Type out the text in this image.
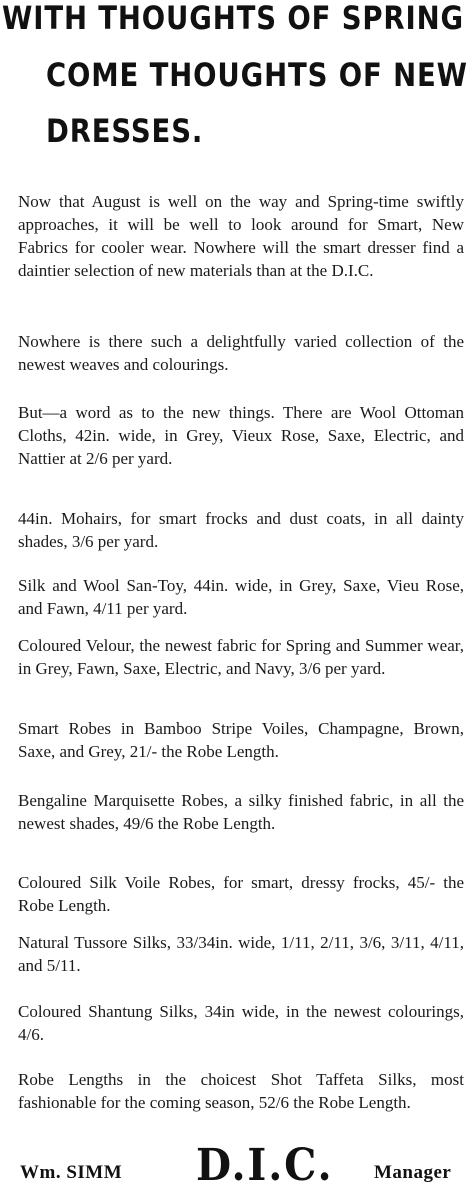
WITH THOUGHTS OF SPRING
COME THOUGHTS OF NEW
DRESSES.

Now that August is well on the way and Spring-time swiftly approaches, it will be well to look around for Smart, New Fabrics for cooler wear. Nowhere will the smart dresser find a daintier selection of new materials than at the D.I.C.

Nowhere is there such a delightfully varied collection of the newest weaves and colourings.

But—a word as to the new things. There are Wool Ottoman Cloths, 42in. wide, in Grey, Vieux Rose, Saxe, Electric, and Nattier at 2/6 per yard.

44in. Mohairs, for smart frocks and dust coats, in all dainty shades, 3/6 per yard.

Silk and Wool San-Toy, 44in. wide, in Grey, Saxe, Vieu Rose, and Fawn, 4/11 per yard.

Coloured Velour, the newest fabric for Spring and Summer wear, in Grey, Fawn, Saxe, Electric, and Navy, 3/6 per yard.

Smart Robes in Bamboo Stripe Voiles, Champagne, Brown, Saxe, and Grey, 21/- the Robe Length.

Bengaline Marquisette Robes, a silky finished fabric, in all the newest shades, 49/6 the Robe Length.

Coloured Silk Voile Robes, for smart, dressy frocks, 45/- the Robe Length.

Natural Tussore Silks, 33/34in. wide, 1/11, 2/11, 3/6, 3/11, 4/11, and 5/11.

Coloured Shantung Silks, 34in wide, in the newest colourings, 4/6.

Robe Lengths in the choicest Shot Taffeta Silks, most fashionable for the coming season, 52/6 the Robe Length.

Wm. SIMM D.I.C. Manager
